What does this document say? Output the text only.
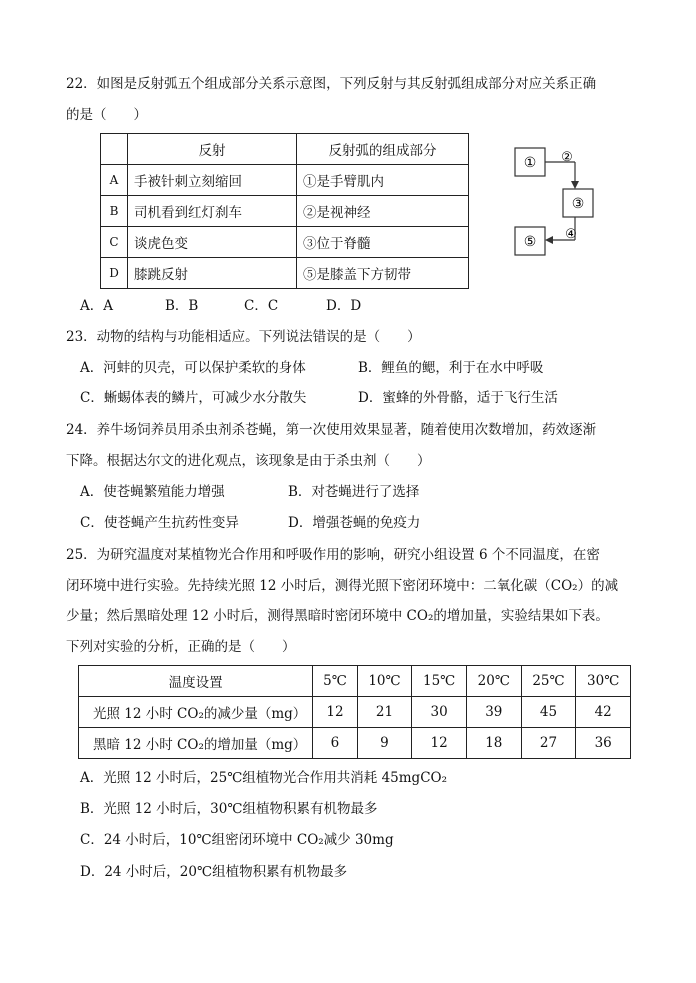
22．如图是反射弧五个组成部分关系示意图，下列反射与其反射弧组成部分对应关系正确
的是（　　）
	反射	反射弧的组成部分
A	手被针刺立刻缩回	①是手臂肌内
B	司机看到红灯刹车	②是视神经
C	谈虎色变	③位于脊髓
D	膝跳反射	⑤是膝盖下方韧带
① ②
③
④
⑤
A．A	B．B	C．C	D．D
23．动物的结构与功能相适应。下列说法错误的是（　　）
A．河蚌的贝壳，可以保护柔软的身体	B．鲤鱼的鳃，利于在水中呼吸
C．蜥蜴体表的鳞片，可减少水分散失	D．蜜蜂的外骨骼，适于飞行生活
24．养牛场饲养员用杀虫剂杀苍蝇，第一次使用效果显著，随着使用次数增加，药效逐渐
下降。根据达尔文的进化观点，该现象是由于杀虫剂（　　）
A．使苍蝇繁殖能力增强	B．对苍蝇进行了选择
C．使苍蝇产生抗药性变异	D．增强苍蝇的免疫力
25．为研究温度对某植物光合作用和呼吸作用的影响，研究小组设置 6 个不同温度，在密
闭环境中进行实验。先持续光照 12 小时后，测得光照下密闭环境中：二氧化碳（CO₂）的减
少量；然后黑暗处理 12 小时后，测得黑暗时密闭环境中 CO₂的增加量，实验结果如下表。
下列对实验的分析，正确的是（　　）
温度设置	5℃	10℃	15℃	20℃	25℃	30℃
光照 12 小时 CO₂的减少量（mg）	12	21	30	39	45	42
黑暗 12 小时 CO₂的增加量（mg）	6	9	12	18	27	36
A．光照 12 小时后，25℃组植物光合作用共消耗 45mgCO₂
B．光照 12 小时后，30℃组植物积累有机物最多
C．24 小时后，10℃组密闭环境中 CO₂减少 30mg
D．24 小时后，20℃组植物积累有机物最多
